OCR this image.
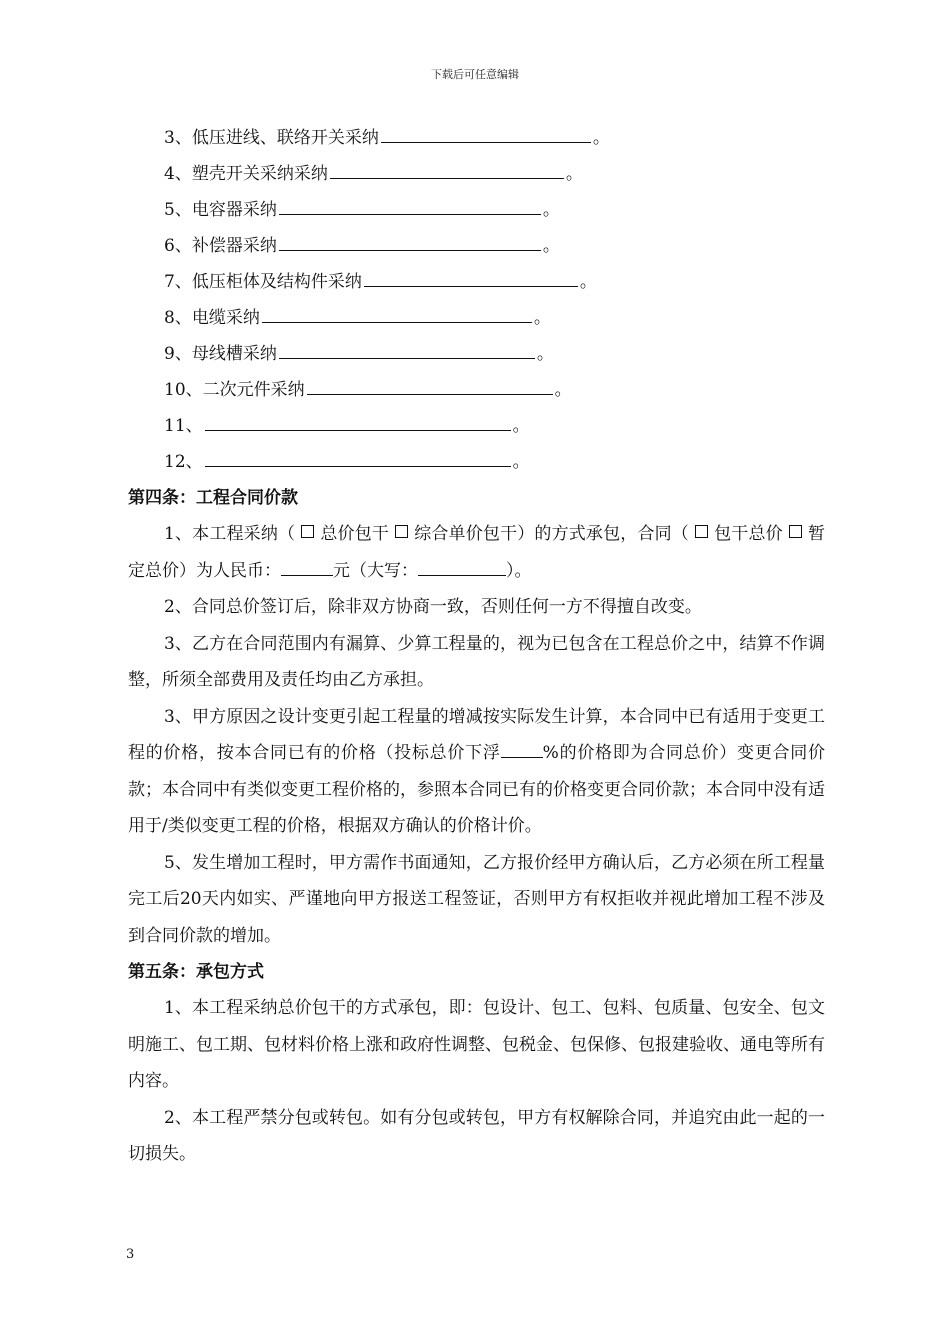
下载后可任意编辑
3、低压进线、联络开关采纳	。
4、塑壳开关采纳采纳	。
5、电容器采纳	。
6、补偿器采纳	。
7、低压柜体及结构件采纳	。
8、电缆采纳	。
9、母线槽采纳	。
10、二次元件采纳	。
11、	。
12、	。
第四条：工程合同价款
1、本工程采纳（ 总价包干 综合单价包干）的方式承包，合同（ 包干总价 暂定总价）为人民币：	元（大写：	）。
2、合同总价签订后，除非双方协商一致，否则任何一方不得擅自改变。
3、乙方在合同范围内有漏算、少算工程量的，视为已包含在工程总价之中，结算不作调整，所须全部费用及责任均由乙方承担。
3、甲方原因之设计变更引起工程量的增减按实际发生计算，本合同中已有适用于变更工程的价格，按本合同已有的价格（投标总价下浮 %的价格即为合同总价）变更合同价款；本合同中有类似变更工程价格的，参照本合同已有的价格变更合同价款；本合同中没有适用于/类似变更工程的价格，根据双方确认的价格计价。
5、发生增加工程时，甲方需作书面通知，乙方报价经甲方确认后，乙方必须在所工程量完工后20天内如实、严谨地向甲方报送工程签证，否则甲方有权拒收并视此增加工程不涉及到合同价款的增加。
第五条：承包方式
1、本工程采纳总价包干的方式承包，即：包设计、包工、包料、包质量、包安全、包文明施工、包工期、包材料价格上涨和政府性调整、包税金、包保修、包报建验收、通电等所有内容。
2、本工程严禁分包或转包。如有分包或转包，甲方有权解除合同，并追究由此一起的一切损失。
3
